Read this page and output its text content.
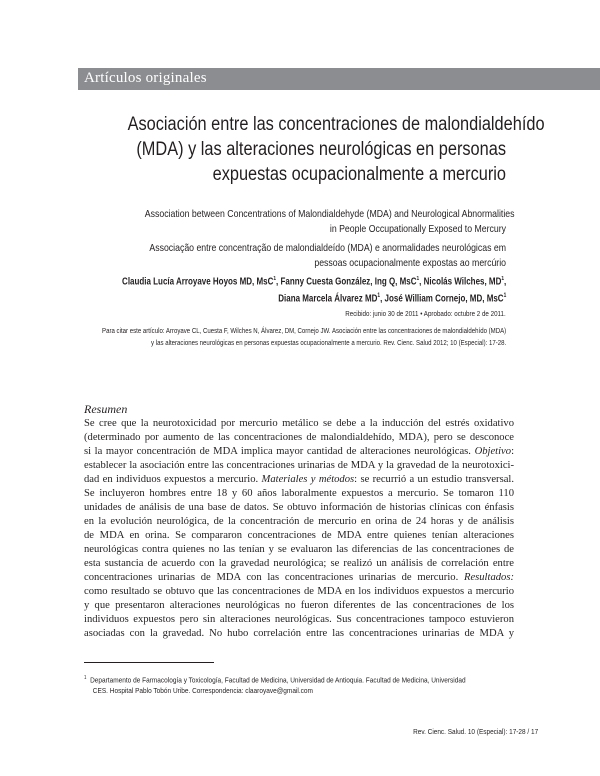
Artículos originales
Asociación entre las concentraciones de malondialdehído
(MDA) y las alteraciones neurológicas en personas
expuestas ocupacionalmente a mercurio
Association between Concentrations of Malondialdehyde (MDA) and Neurological Abnormalities
in People Occupationally Exposed to Mercury
Associação entre concentração de malondialdeído (MDA) e anormalidades neurológicas em
pessoas ocupacionalmente expostas ao mercúrio
Claudia Lucía Arroyave Hoyos MD, MsC$^1$, Fanny Cuesta González, Ing Q, MsC$^1$, Nicolás Wilches, $MD^1$,
Diana Marcela Álvarez $MD^1$, José William Cornejo, MD, MsC$^1$
Recibido: junio 30 de 2011 • Aprobado: octubre 2 de 2011.
Para citar este artículo: Arroyave CL, Cuesta F, Wilches N, Álvarez, DM, Cornejo JW. Asociación entre las concentraciones de malondialdehído (MDA)
y las alteraciones neurológicas en personas expuestas ocupacionalmente a mercurio. Rev. Cienc. Salud 2012; 10 (Especial): 17-28.
Resumen
Se cree que la neurotoxicidad por mercurio metálico se debe a la inducción del estrés oxidativo
(determinado por aumento de las concentraciones de malondialdehído, MDA), pero se desconoce
si la mayor concentración de MDA implica mayor cantidad de alteraciones neurológicas. Objetivo:
establecer la asociación entre las concentraciones urinarias de MDA y la gravedad de la neurotoxici-
dad en individuos expuestos a mercurio. Materiales y métodos: se recurrió a un estudio transversal.
Se incluyeron hombres entre 18 y 60 años laboralmente expuestos a mercurio. Se tomaron 110
unidades de análisis de una base de datos. Se obtuvo información de historias clínicas con énfasis
en la evolución neurológica, de la concentración de mercurio en orina de 24 horas y de análisis
de MDA en orina. Se compararon concentraciones de MDA entre quienes tenían alteraciones
neurológicas contra quienes no las tenían y se evaluaron las diferencias de las concentraciones de
esta sustancia de acuerdo con la gravedad neurológica; se realizó un análisis de correlación entre
concentraciones urinarias de MDA con las concentraciones urinarias de mercurio. Resultados:
como resultado se obtuvo que las concentraciones de MDA en los individuos expuestos a mercurio
y que presentaron alteraciones neurológicas no fueron diferentes de las concentraciones de los
individuos expuestos pero sin alteraciones neurológicas. Sus concentraciones tampoco estuvieron
asociadas con la gravedad. No hubo correlación entre las concentraciones urinarias de MDA y
$^1$ Departamento de Farmacología y Toxicología, Facultad de Medicina, Universidad de Antioquia. Facultad de Medicina, Universidad
CES. Hospital Pablo Tobón Uribe. Correspondencia: claaroyave@gmail.com
Rev. Cienc. Salud. 10 (Especial): 17-28 / 17
